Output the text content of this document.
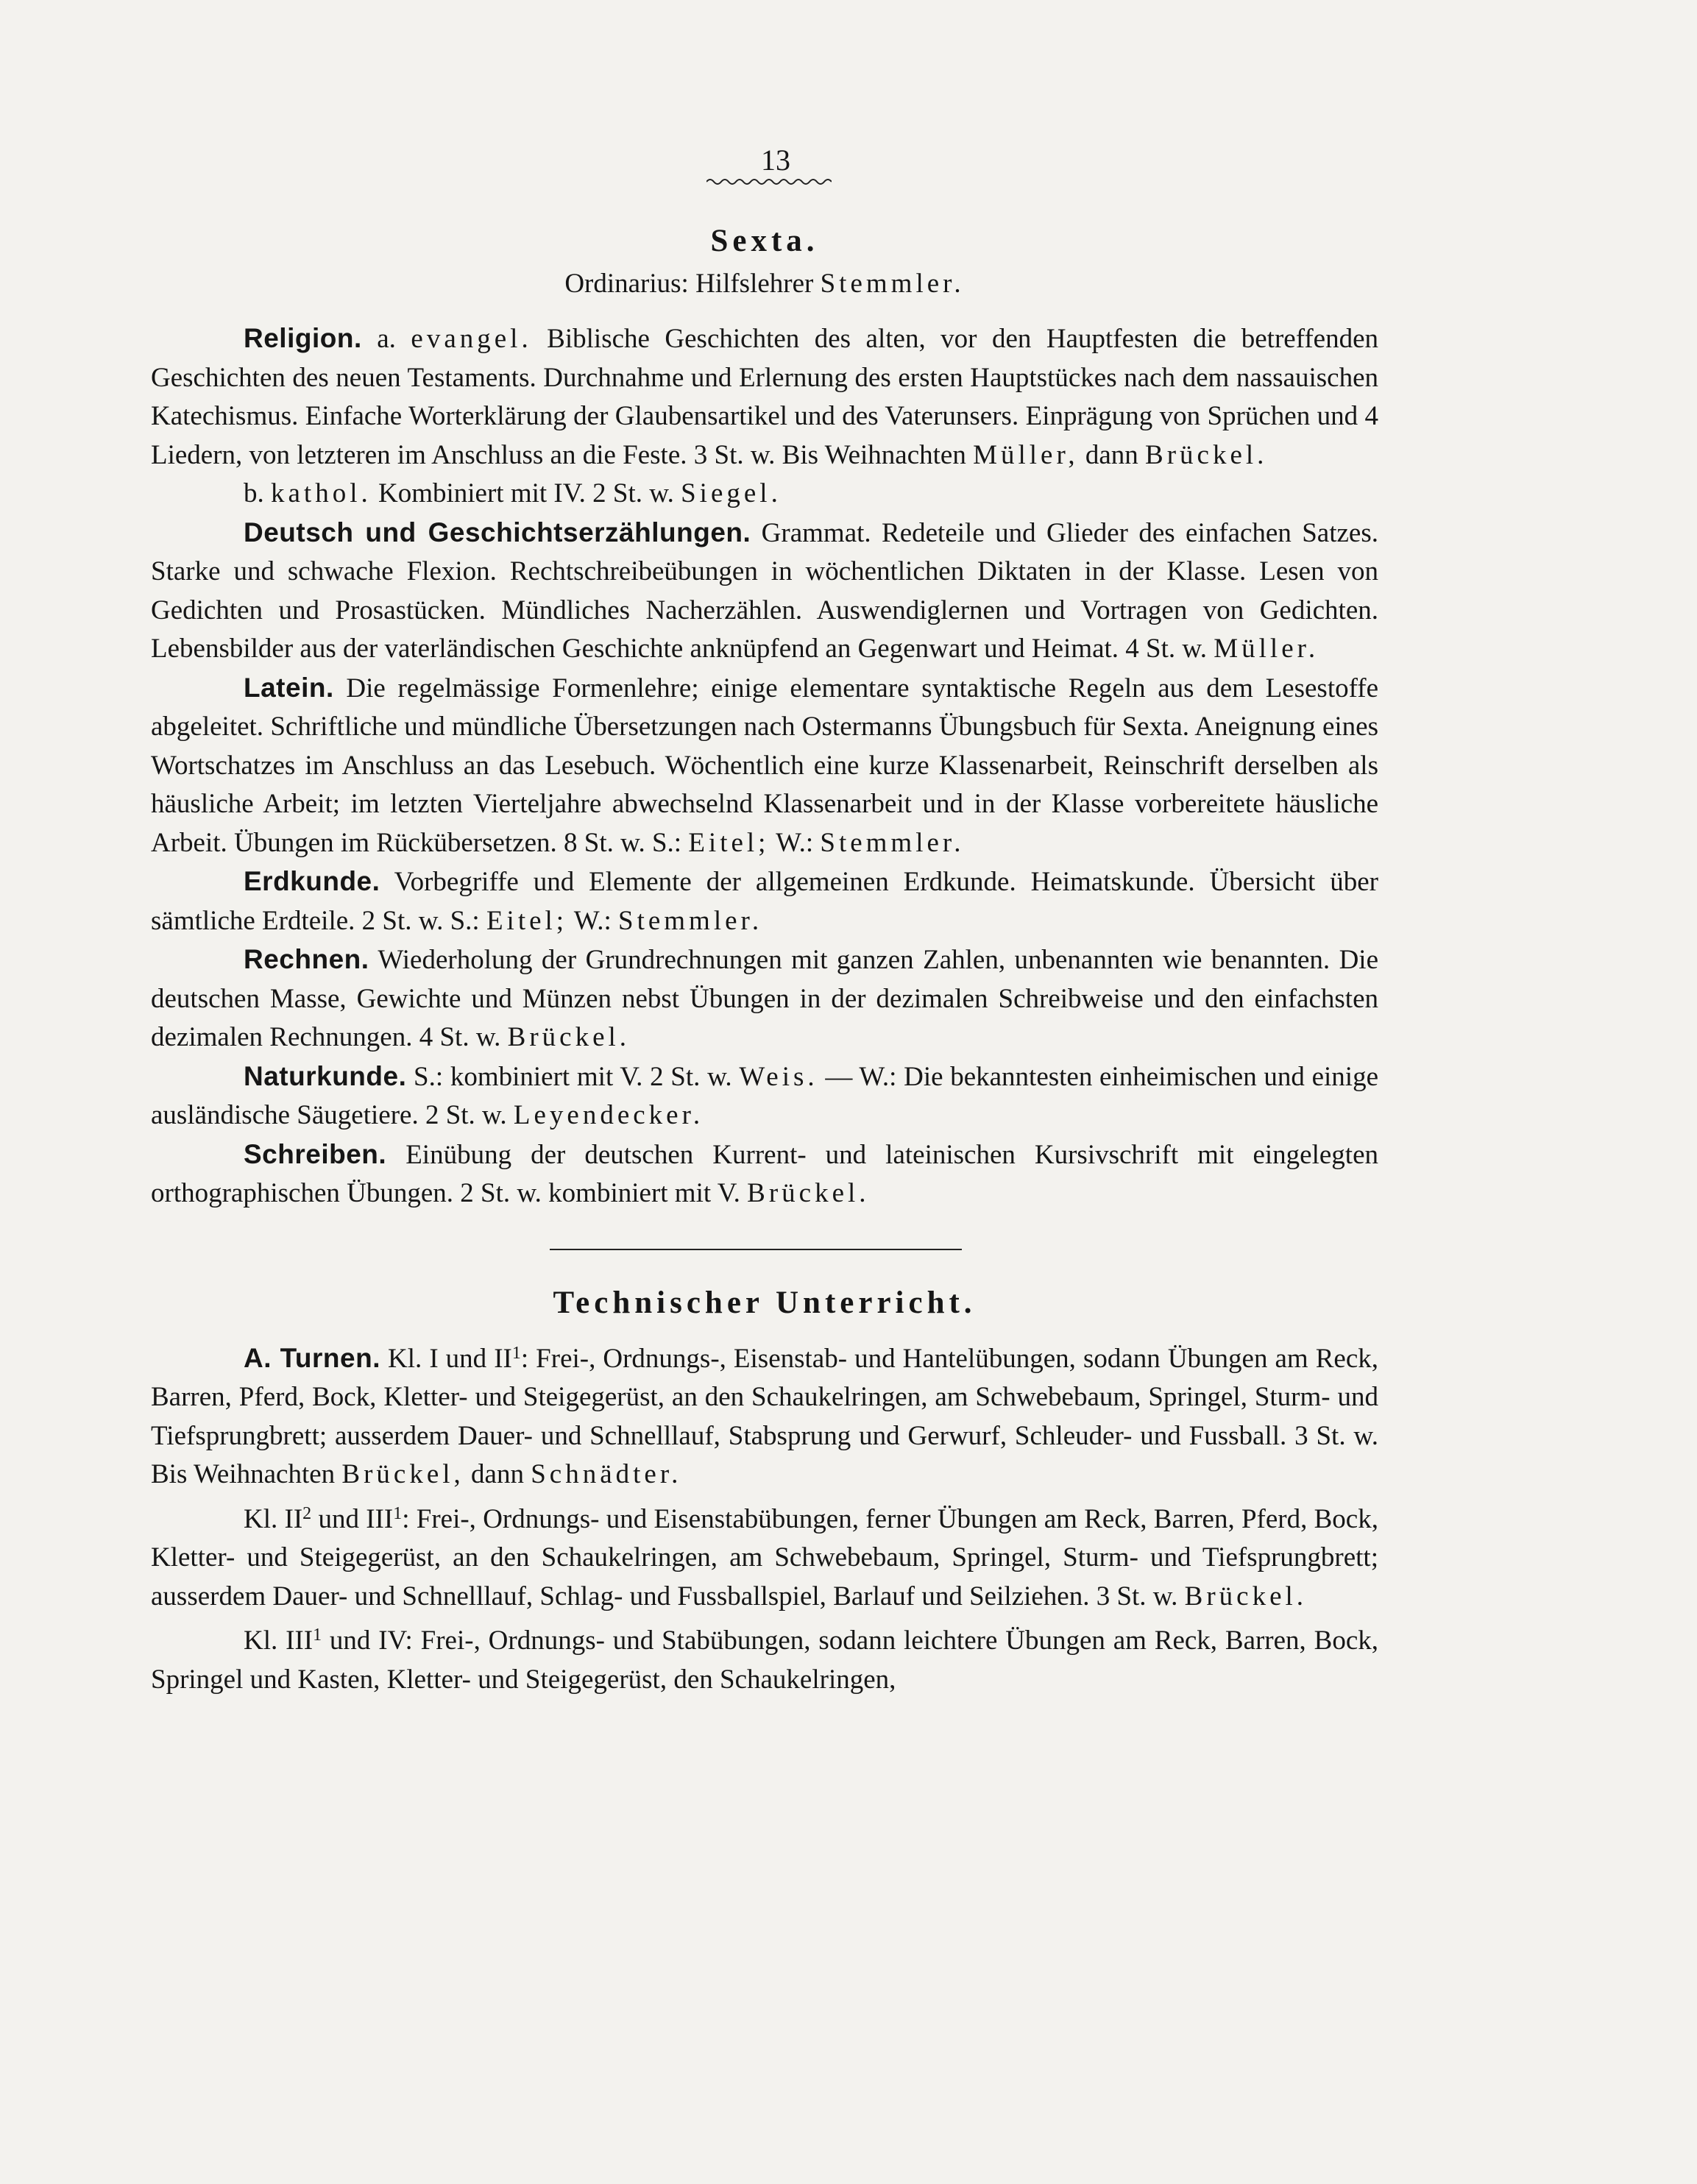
13
Sexta.
Ordinarius: Hilfslehrer Stemmler.

Religion. a. evangel. Biblische Geschichten des alten, vor den Hauptfesten die betreffenden Geschichten des neuen Testaments. Durchnahme und Erlernung des ersten Hauptstückes nach dem nassauischen Katechismus. Einfache Worterklärung der Glaubensartikel und des Vaterunsers. Einprägung von Sprüchen und 4 Liedern, von letzteren im Anschluss an die Feste. 3 St. w. Bis Weihnachten Müller, dann Brückel.

b. kathol. Kombiniert mit IV. 2 St. w. Siegel.

Deutsch und Geschichtserzählungen. Grammat. Redeteile und Glieder des einfachen Satzes. Starke und schwache Flexion. Rechtschreibeübungen in wöchentlichen Diktaten in der Klasse. Lesen von Gedichten und Prosastücken. Mündliches Nacherzählen. Auswendiglernen und Vortragen von Gedichten. Lebensbilder aus der vaterländischen Geschichte anknüpfend an Gegenwart und Heimat. 4 St. w. Müller.

Latein. Die regelmässige Formenlehre; einige elementare syntaktische Regeln aus dem Lesestoffe abgeleitet. Schriftliche und mündliche Übersetzungen nach Ostermanns Übungsbuch für Sexta. Aneignung eines Wortschatzes im Anschluss an das Lesebuch. Wöchentlich eine kurze Klassenarbeit, Reinschrift derselben als häusliche Arbeit; im letzten Vierteljahre abwechselnd Klassenarbeit und in der Klasse vorbereitete häusliche Arbeit. Übungen im Rückübersetzen. 8 St. w. S.: Eitel; W.: Stemmler.

Erdkunde. Vorbegriffe und Elemente der allgemeinen Erdkunde. Heimatskunde. Übersicht über sämtliche Erdteile. 2 St. w. S.: Eitel; W.: Stemmler.

Rechnen. Wiederholung der Grundrechnungen mit ganzen Zahlen, unbenannten wie benannten. Die deutschen Masse, Gewichte und Münzen nebst Übungen in der dezimalen Schreibweise und den einfachsten dezimalen Rechnungen. 4 St. w. Brückel.

Naturkunde. S.: kombiniert mit V. 2 St. w. Weis. — W.: Die bekanntesten einheimischen und einige ausländische Säugetiere. 2 St. w. Leyendecker.

Schreiben. Einübung der deutschen Kurrent- und lateinischen Kursivschrift mit eingelegten orthographischen Übungen. 2 St. w. kombiniert mit V. Brückel.

Technischer Unterricht.

A. Turnen. Kl. I und $II^1$: Frei-, Ordnungs-, Eisenstab- und Hantelübungen, sodann Übungen am Reck, Barren, Pferd, Bock, Kletter- und Steigegerüst, an den Schaukelringen, am Schwebebaum, Springel, Sturm- und Tiefsprungbrett; ausserdem Dauer- und Schnelllauf, Stabsprung und Gerwurf, Schleuder- und Fussball. 3 St. w. Bis Weihnachten Brückel, dann Schnädter.

Kl. $II^2$ und III$^1$: Frei-, Ordnungs- und Eisenstabübungen, ferner Übungen am Reck, Barren, Pferd, Bock, Kletter- und Steigegerüst, an den Schaukelringen, am Schwebebaum, Springel, Sturm- und Tiefsprungbrett; ausserdem Dauer- und Schnelllauf, Schlag- und Fussballspiel, Barlauf und Seilziehen. 3 St. w. Brückel.

Kl. III$^1$ und IV: Frei-, Ordnungs- und Stabübungen, sodann leichtere Übungen am Reck, Barren, Bock, Springel und Kasten, Kletter- und Steigegerüst, den Schaukelringen,
